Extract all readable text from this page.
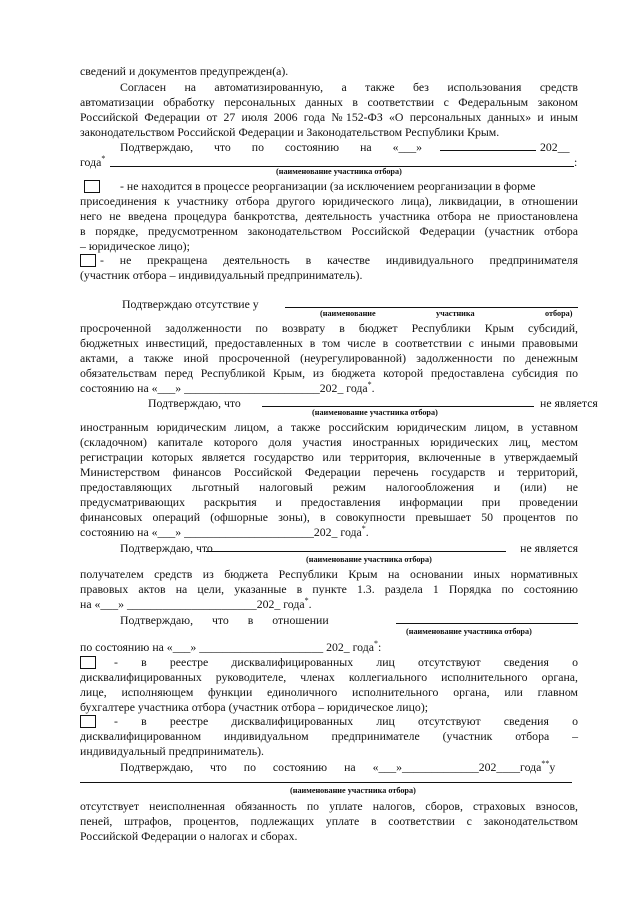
сведений и документов предупрежден(а).
Согласен на автоматизированную, а также без использования средств
автоматизации обработку персональных данных в соответствии с Федеральным законом
Российской Федерации от 27 июля 2006 года №152-ФЗ «О персональных данных» и иным
законодательством Российской Федерации и Законодательством Республики Крым.
Подтверждаю, что по состоянию на «___»	202__
года*	:
(наименование участника отбора)
- не находится в процессе реорганизации (за исключением реорганизации в форме
присоединения к участнику отбора другого юридического лица), ликвидации, в отношении
него не введена процедура банкротства, деятельность участника отбора не приостановлена
в порядке, предусмотренном законодательством Российской Федерации (участник отбора
– юридическое лицо);
- не прекращена деятельность в качестве индивидуального предпринимателя
(участник отбора – индивидуальный предприниматель).
Подтверждаю отсутствие у
(наименование	участника	отбора)
просроченной задолженности по возврату в бюджет Республики Крым субсидий,
бюджетных инвестиций, предоставленных в том числе в соответствии с иными правовыми
актами, а также иной просроченной (неурегулированной) задолженности по денежным
обязательствам перед Республикой Крым, из бюджета которой предоставлена субсидия по
состоянию на «___» _______________________202_ года*.
Подтверждаю, что	не является
(наименование участника отбора)
иностранным юридическим лицом, а также российским юридическим лицом, в уставном
(складочном) капитале которого доля участия иностранных юридических лиц, местом
регистрации которых является государство или территория, включенные в утверждаемый
Министерством финансов Российской Федерации перечень государств и территорий,
предоставляющих льготный налоговый режим налогообложения и (или) не
предусматривающих раскрытия и предоставления информации при проведении
финансовых операций (офшорные зоны), в совокупности превышает 50 процентов по
состоянию на «___» ______________________202_ года*.
Подтверждаю, что	не является
(наименование участника отбора)
получателем средств из бюджета Республики Крым на основании иных нормативных
правовых актов на цели, указанные в пункте 1.3. раздела 1 Порядка по состоянию
на «___» ______________________202_ года*.
Подтверждаю, что в отношении
(наименование участника отбора)
по состоянию на «___» _____________________ 202_ года*:
- в реестре дисквалифицированных лиц отсутствуют сведения о
дисквалифицированных руководителе, членах коллегиального исполнительного органа,
лице, исполняющем функции единоличного исполнительного органа, или главном
бухгалтере участника отбора (участник отбора – юридическое лицо);
- в реестре дисквалифицированных лиц отсутствуют сведения о
дисквалифицированном индивидуальном предпринимателе (участник отбора –
индивидуальный предприниматель).
Подтверждаю, что по состоянию на «___»_____________202____года**у
(наименование участника отбора)
отсутствует неисполненная обязанность по уплате налогов, сборов, страховых взносов,
пеней, штрафов, процентов, подлежащих уплате в соответствии с законодательством
Российской Федерации о налогах и сборах.
